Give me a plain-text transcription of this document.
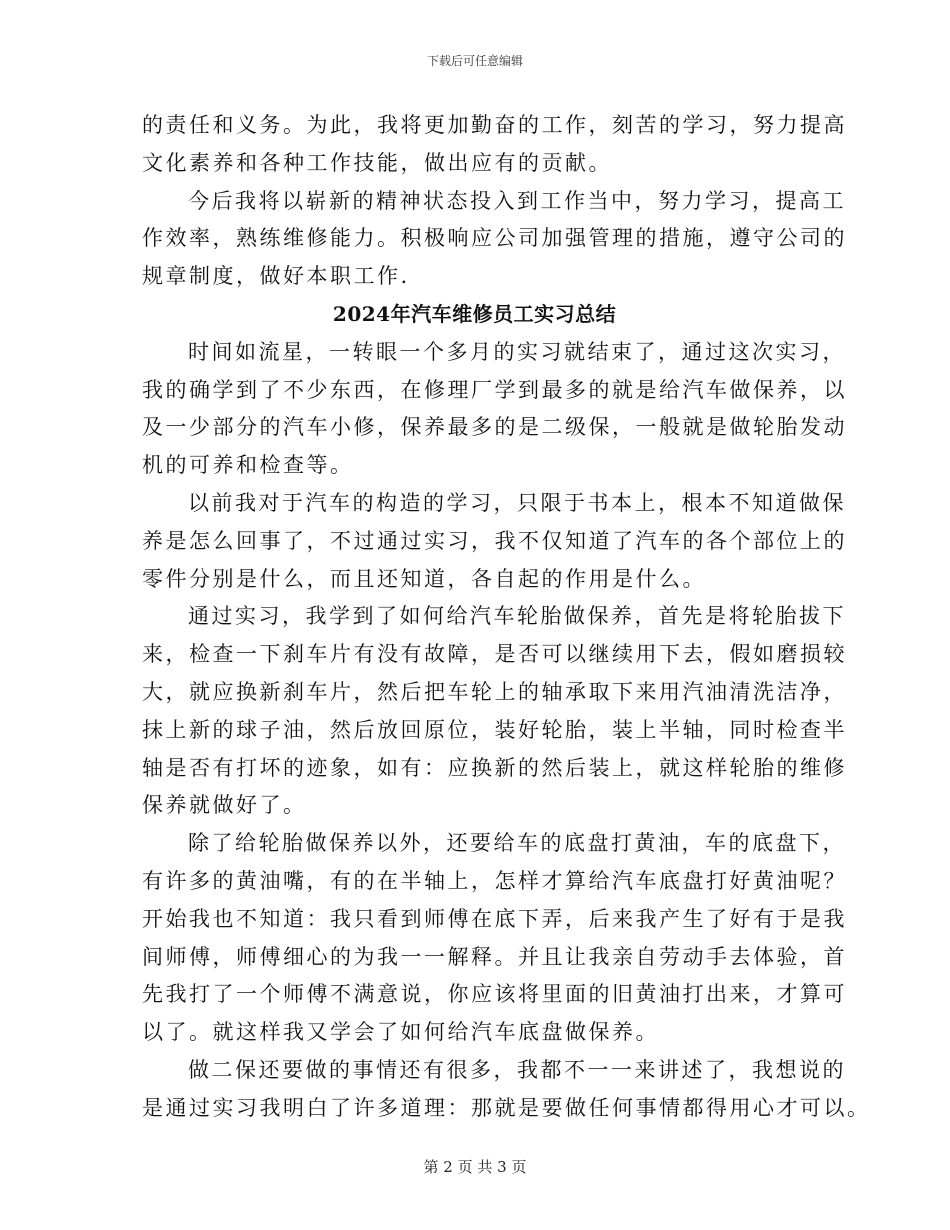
下载后可任意编辑
的责任和义务。为此，我将更加勤奋的工作，刻苦的学习，努力提高
文化素养和各种工作技能，做出应有的贡献。
今后我将以崭新的精神状态投入到工作当中，努力学习，提高工
作效率，熟练维修能力。积极响应公司加强管理的措施，遵守公司的
规章制度，做好本职工作.
2024年汽车维修员工实习总结
时间如流星，一转眼一个多月的实习就结束了，通过这次实习，
我的确学到了不少东西，在修理厂学到最多的就是给汽车做保养，以
及一少部分的汽车小修，保养最多的是二级保，一般就是做轮胎发动
机的可养和检查等。
以前我对于汽车的构造的学习，只限于书本上，根本不知道做保
养是怎么回事了，不过通过实习，我不仅知道了汽车的各个部位上的
零件分别是什么，而且还知道，各自起的作用是什么。
通过实习，我学到了如何给汽车轮胎做保养，首先是将轮胎拔下
来，检查一下刹车片有没有故障，是否可以继续用下去，假如磨损较
大，就应换新刹车片，然后把车轮上的轴承取下来用汽油清洗洁净，
抹上新的球子油，然后放回原位，装好轮胎，装上半轴，同时检查半
轴是否有打坏的迹象，如有：应换新的然后装上，就这样轮胎的维修
保养就做好了。
除了给轮胎做保养以外，还要给车的底盘打黄油，车的底盘下，
有许多的黄油嘴，有的在半轴上，怎样才算给汽车底盘打好黄油呢？
开始我也不知道：我只看到师傅在底下弄，后来我产生了好有于是我
间师傅，师傅细心的为我一一解释。并且让我亲自劳动手去体验，首
先我打了一个师傅不满意说，你应该将里面的旧黄油打出来，才算可
以了。就这样我又学会了如何给汽车底盘做保养。
做二保还要做的事情还有很多，我都不一一来讲述了，我想说的
是通过实习我明白了许多道理：那就是要做任何事情都得用心才可以。
第 2 页 共 3 页
